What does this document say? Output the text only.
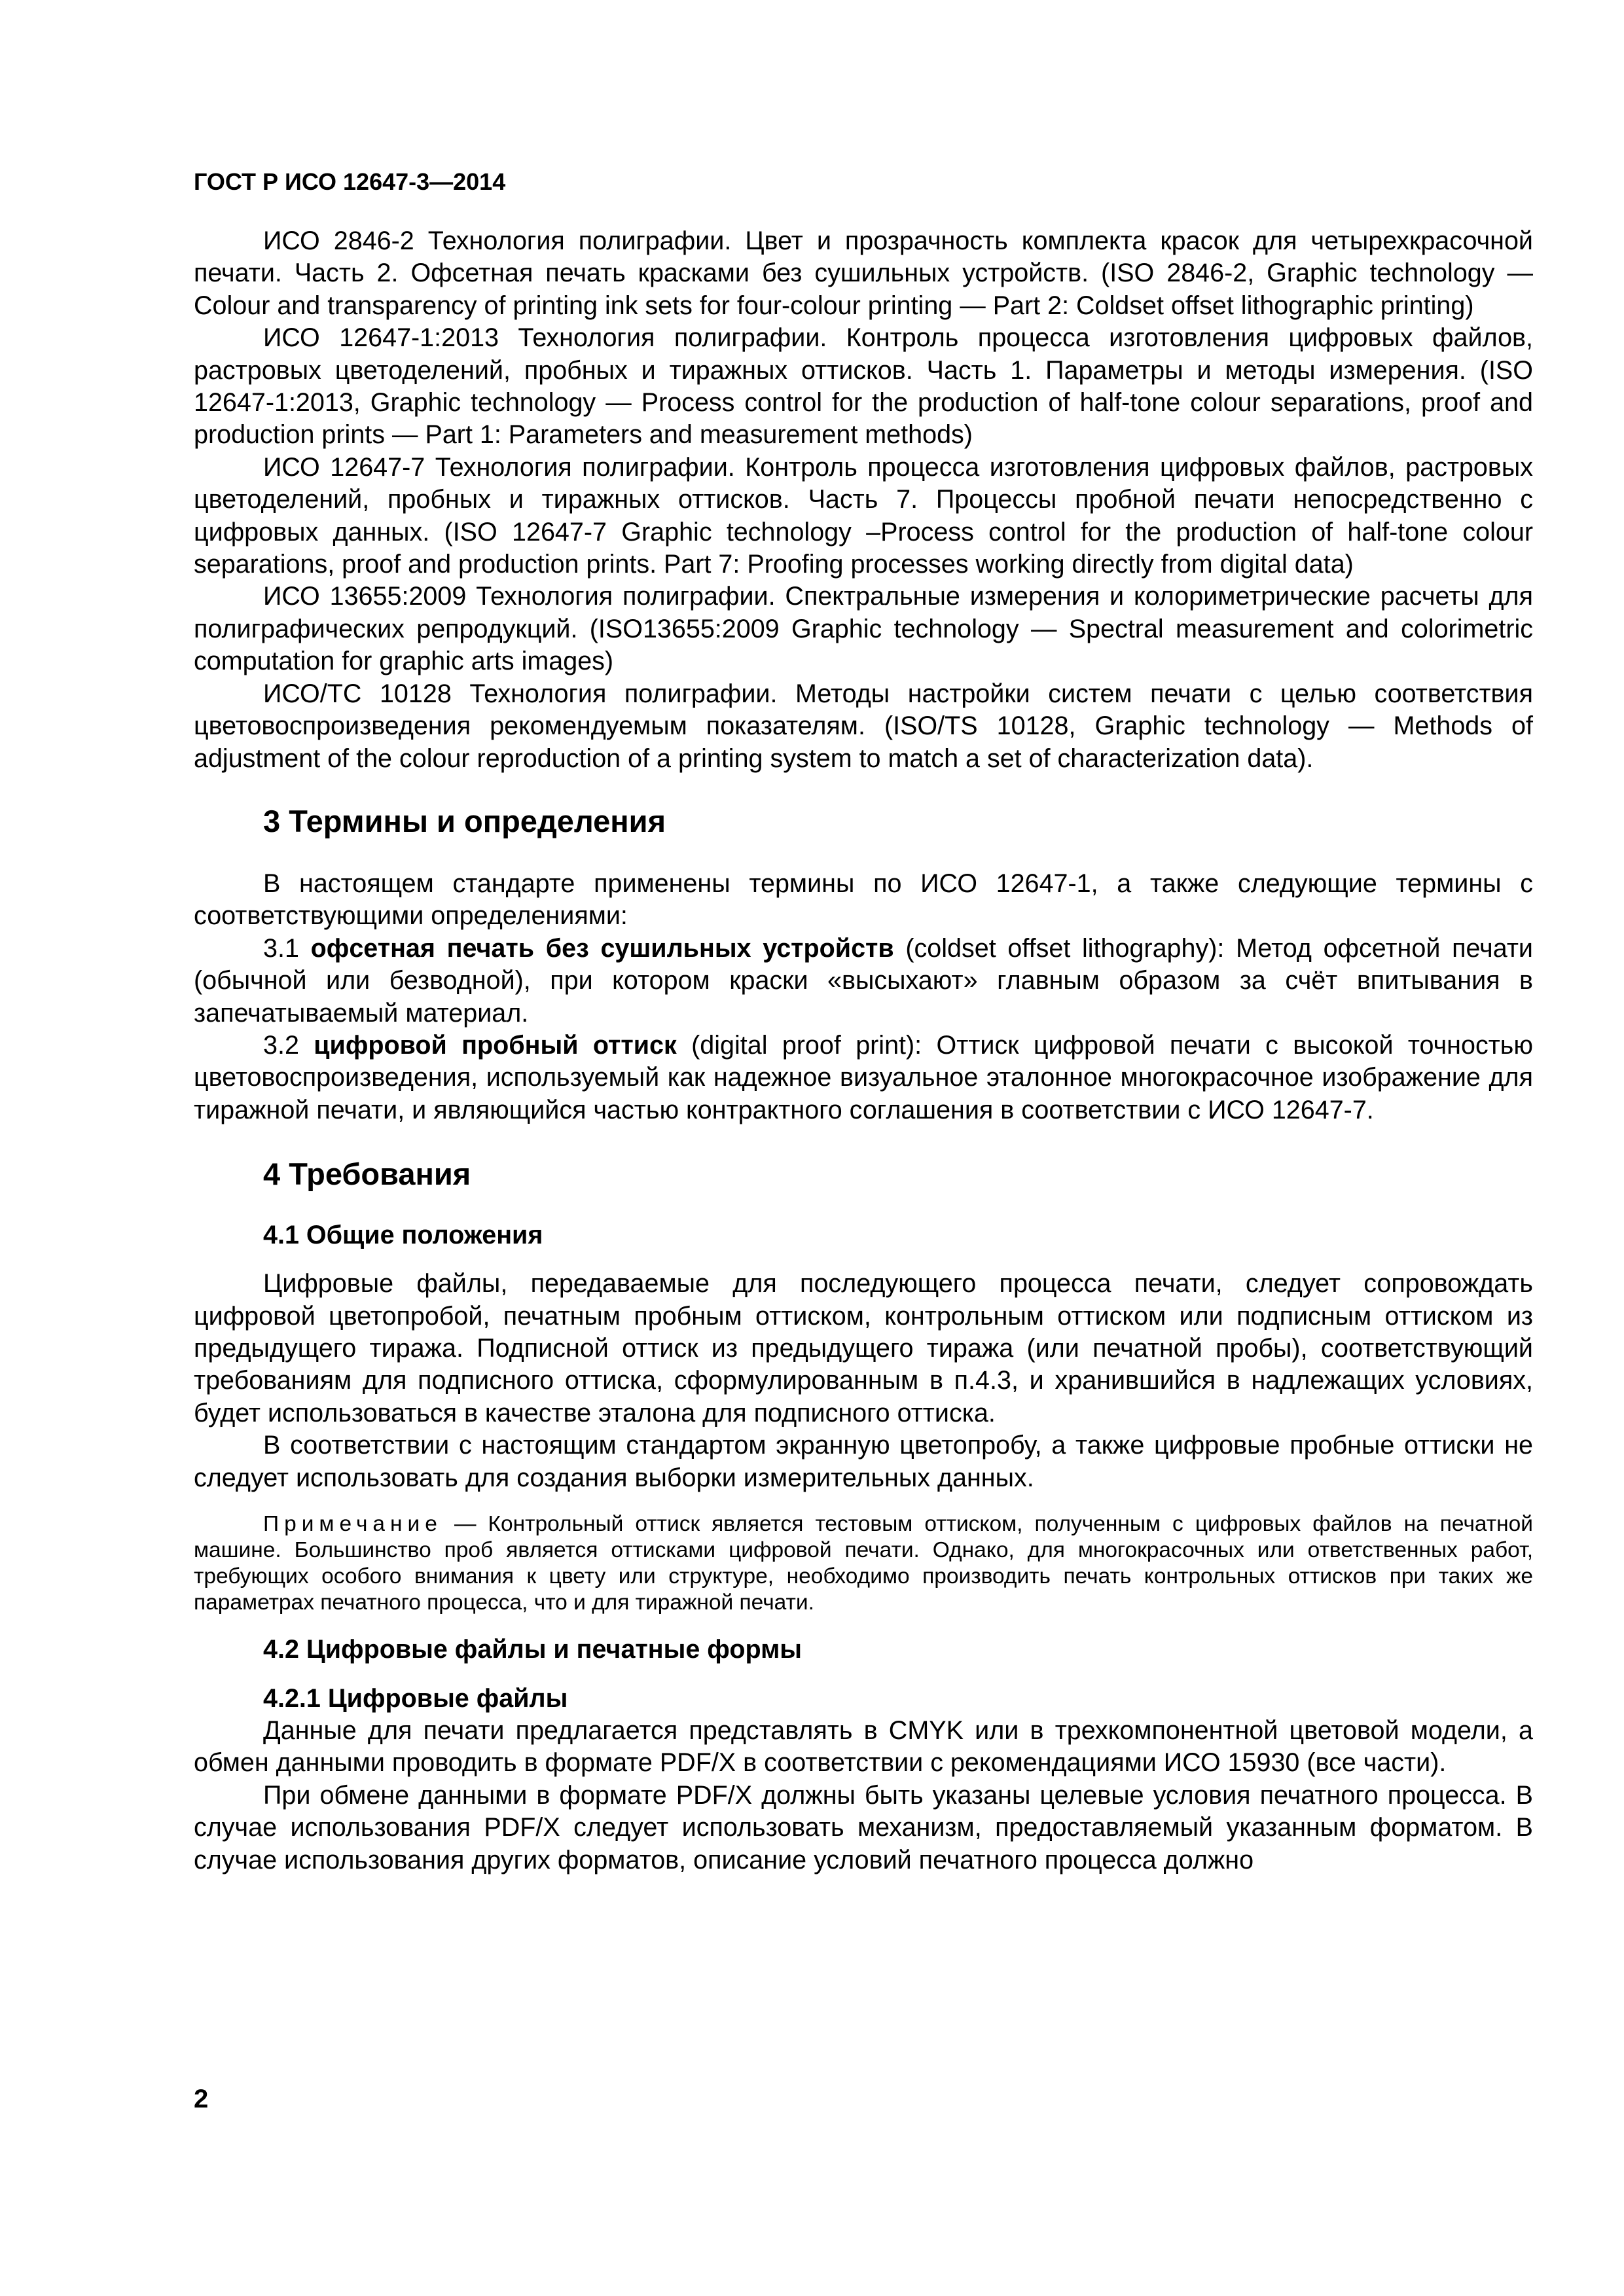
ГОСТ Р ИСО 12647-3—2014

ИСО 2846-2 Технология полиграфии. Цвет и прозрачность комплекта красок для четырехкрасочной печати. Часть 2. Офсетная печать красками без сушильных устройств. (ISO 2846-2, Graphic technology — Colour and transparency of printing ink sets for four-colour printing — Part 2: Coldset offset lithographic printing)

ИСО 12647-1:2013 Технология полиграфии. Контроль процесса изготовления цифровых файлов, растровых цветоделений, пробных и тиражных оттисков. Часть 1. Параметры и методы измерения. (ISO 12647-1:2013, Graphic technology — Process control for the production of half-tone colour separations, proof and production prints — Part 1: Parameters and measurement methods)

ИСО 12647-7 Технология полиграфии. Контроль процесса изготовления цифровых файлов, растровых цветоделений, пробных и тиражных оттисков. Часть 7. Процессы пробной печати непосредственно с цифровых данных. (ISO 12647-7 Graphic technology –Process control for the production of half-tone colour separations, proof and production prints. Part 7: Proofing processes working directly from digital data)

ИСО 13655:2009 Технология полиграфии. Спектральные измерения и колориметрические расчеты для полиграфических репродукций. (ISO13655:2009 Graphic technology — Spectral measurement and colorimetric computation for graphic arts images)

ИСО/ТС 10128 Технология полиграфии. Методы настройки систем печати с целью соответствия цветовоспроизведения рекомендуемым показателям. (ISO/TS 10128, Graphic technology — Methods of adjustment of the colour reproduction of a printing system to match a set of characterization data).

3 Термины и определения

В настоящем стандарте применены термины по ИСО 12647-1, а также следующие термины с соответствующими определениями:

3.1 офсетная печать без сушильных устройств (coldset offset lithography): Метод офсетной печати (обычной или безводной), при котором краски «высыхают» главным образом за счёт впитывания в запечатываемый материал.

3.2 цифровой пробный оттиск (digital proof print): Оттиск цифровой печати с высокой точностью цветовоспроизведения, используемый как надежное визуальное эталонное многокрасочное изображение для тиражной печати, и являющийся частью контрактного соглашения в соответствии с ИСО 12647-7.

4 Требования
4.1 Общие положения

Цифровые файлы, передаваемые для последующего процесса печати, следует сопровождать цифровой цветопробой, печатным пробным оттиском, контрольным оттиском или подписным оттиском из предыдущего тиража. Подписной оттиск из предыдущего тиража (или печатной пробы), соответствующий требованиям для подписного оттиска, сформулированным в п.4.3, и хранившийся в надлежащих условиях, будет использоваться в качестве эталона для подписного оттиска.

В соответствии с настоящим стандартом экранную цветопробу, а также цифровые пробные оттиски не следует использовать для создания выборки измерительных данных.

Примечание — Контрольный оттиск является тестовым оттиском, полученным с цифровых файлов на печатной машине. Большинство проб является оттисками цифровой печати. Однако, для многокрасочных или ответственных работ, требующих особого внимания к цвету или структуре, необходимо производить печать контрольных оттисков при таких же параметрах печатного процесса, что и для тиражной печати.

4.2 Цифровые файлы и печатные формы
4.2.1 Цифровые файлы

Данные для печати предлагается представлять в CMYK или в трехкомпонентной цветовой модели, а обмен данными проводить в формате PDF/X в соответствии с рекомендациями ИСО 15930 (все части).

При обмене данными в формате PDF/X должны быть указаны целевые условия печатного процесса. В случае использования PDF/X следует использовать механизм, предоставляемый указанным форматом. В случае использования других форматов, описание условий печатного процесса должно

2
